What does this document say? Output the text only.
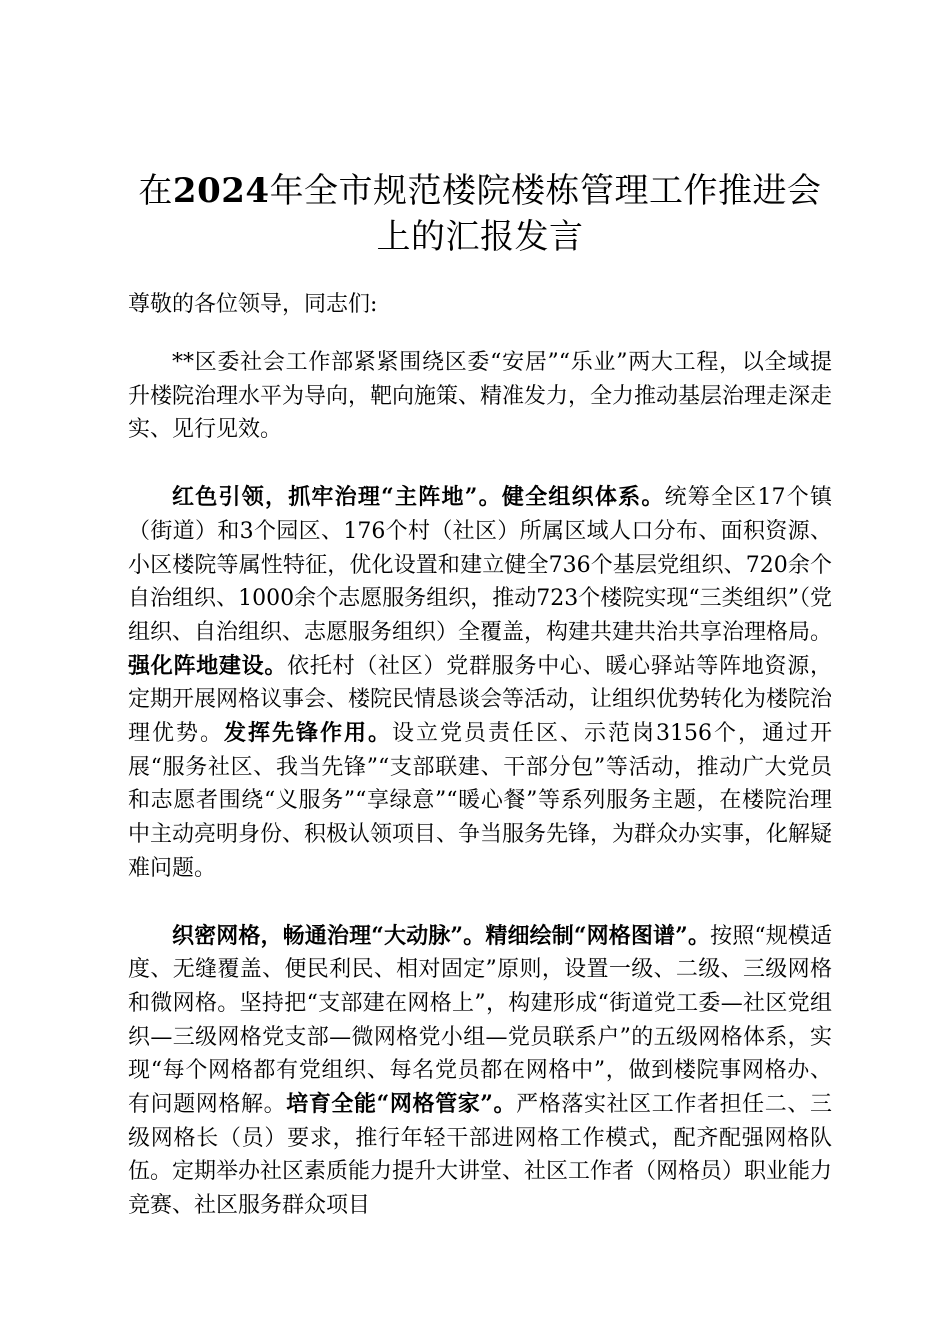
在2024年全市规范楼院楼栋管理工作推进会上的汇报发言
尊敬的各位领导，同志们:

**区委社会工作部紧紧围绕区委“安居”“乐业”两大工程，以全域提升楼院治理水平为导向，靶向施策、精准发力，全力推动基层治理走深走实、见行见效。

红色引领，抓牢治理“主阵地”。健全组织体系。统筹全区17个镇（街道）和3个园区、176个村（社区）所属区域人口分布、面积资源、小区楼院等属性特征，优化设置和建立健全736个基层党组织、720余个自治组织、1000余个志愿服务组织，推动723个楼院实现“三类组织”（党组织、自治组织、志愿服务组织）全覆盖，构建共建共治共享治理格局。强化阵地建设。依托村（社区）党群服务中心、暖心驿站等阵地资源，定期开展网格议事会、楼院民情恳谈会等活动，让组织优势转化为楼院治理优势。发挥先锋作用。设立党员责任区、示范岗3156个，通过开展“服务社区、我当先锋”“支部联建、干部分包”等活动，推动广大党员和志愿者围绕“义服务”“享绿意”“暖心餐”等系列服务主题，在楼院治理中主动亮明身份、积极认领项目、争当服务先锋，为群众办实事，化解疑难问题。

织密网格，畅通治理“大动脉”。精细绘制“网格图谱”。按照“规模适度、无缝覆盖、便民利民、相对固定”原则，设置一级、二级、三级网格和微网格。坚持把“支部建在网格上”，构建形成“街道党工委—社区党组织—三级网格党支部—微网格党小组—党员联系户”的五级网格体系，实现“每个网格都有党组织、每名党员都在网格中”，做到楼院事网格办、有问题网格解。培育全能“网格管家”。严格落实社区工作者担任二、三级网格长（员）要求，推行年轻干部进网格工作模式，配齐配强网格队伍。定期举办社区素质能力提升大讲堂、社区工作者（网格员）职业能力竞赛、社区服务群众项目
